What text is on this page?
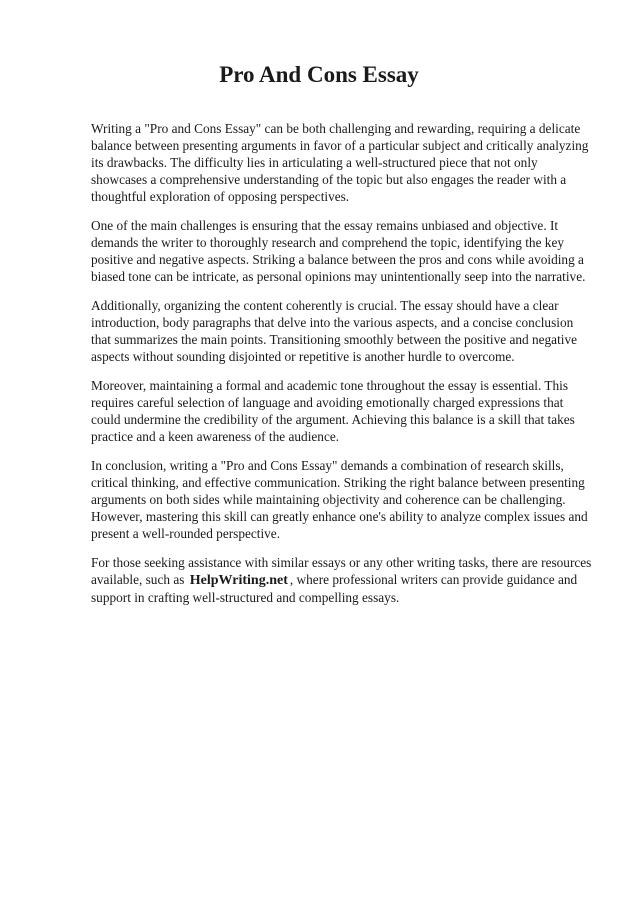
Pro And Cons Essay

Writing a "Pro and Cons Essay" can be both challenging and rewarding, requiring a delicate balance between presenting arguments in favor of a particular subject and critically analyzing its drawbacks. The difficulty lies in articulating a well-structured piece that not only showcases a comprehensive understanding of the topic but also engages the reader with a thoughtful exploration of opposing perspectives.

One of the main challenges is ensuring that the essay remains unbiased and objective. It demands the writer to thoroughly research and comprehend the topic, identifying the key positive and negative aspects. Striking a balance between the pros and cons while avoiding a biased tone can be intricate, as personal opinions may unintentionally seep into the narrative.

Additionally, organizing the content coherently is crucial. The essay should have a clear introduction, body paragraphs that delve into the various aspects, and a concise conclusion that summarizes the main points. Transitioning smoothly between the positive and negative aspects without sounding disjointed or repetitive is another hurdle to overcome.

Moreover, maintaining a formal and academic tone throughout the essay is essential. This requires careful selection of language and avoiding emotionally charged expressions that could undermine the credibility of the argument. Achieving this balance is a skill that takes practice and a keen awareness of the audience.

In conclusion, writing a "Pro and Cons Essay" demands a combination of research skills, critical thinking, and effective communication. Striking the right balance between presenting arguments on both sides while maintaining objectivity and coherence can be challenging. However, mastering this skill can greatly enhance one's ability to analyze complex issues and present a well-rounded perspective.

For those seeking assistance with similar essays or any other writing tasks, there are resources available, such as HelpWriting.net , where professional writers can provide guidance and support in crafting well-structured and compelling essays.
